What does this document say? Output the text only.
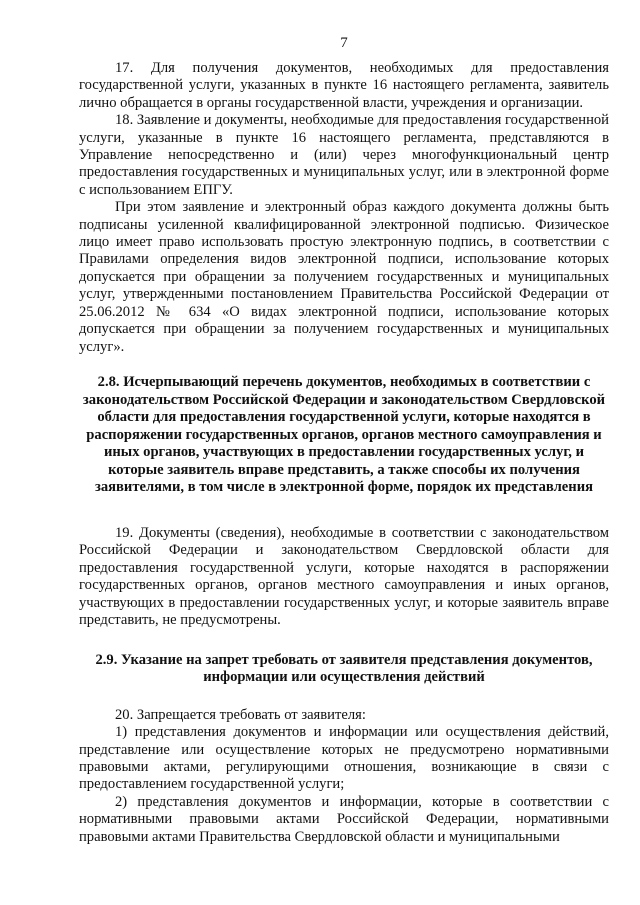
7

17. Для получения документов, необходимых для предоставления государственной услуги, указанных в пункте 16 настоящего регламента, заявитель лично обращается в органы государственной власти, учреждения и организации.

18. Заявление и документы, необходимые для предоставления государственной услуги, указанные в пункте 16 настоящего регламента, представляются в Управление непосредственно и (или) через многофункциональный центр предоставления государственных и муниципальных услуг, или в электронной форме с использованием ЕПГУ.

При этом заявление и электронный образ каждого документа должны быть подписаны усиленной квалифицированной электронной подписью. Физическое лицо имеет право использовать простую электронную подпись, в соответствии с Правилами определения видов электронной подписи, использование которых допускается при обращении за получением государственных и муниципальных услуг, утвержденными постановлением Правительства Российской Федерации от 25.06.2012 № 634 «О видах электронной подписи, использование которых допускается при обращении за получением государственных и муниципальных услуг».

2.8. Исчерпывающий перечень документов, необходимых в соответствии с законодательством Российской Федерации и законодательством Свердловской области для предоставления государственной услуги, которые находятся в распоряжении государственных органов, органов местного самоуправления и иных органов, участвующих в предоставлении государственных услуг, и которые заявитель вправе представить, а также способы их получения заявителями, в том числе в электронной форме, порядок их представления

19. Документы (сведения), необходимые в соответствии с законодательством Российской Федерации и законодательством Свердловской области для предоставления государственной услуги, которые находятся в распоряжении государственных органов, органов местного самоуправления и иных органов, участвующих в предоставлении государственных услуг, и которые заявитель вправе представить, не предусмотрены.

2.9. Указание на запрет требовать от заявителя представления документов, информации или осуществления действий

20. Запрещается требовать от заявителя:

1) представления документов и информации или осуществления действий, представление или осуществление которых не предусмотрено нормативными правовыми актами, регулирующими отношения, возникающие в связи с предоставлением государственной услуги;

2) представления документов и информации, которые в соответствии с нормативными правовыми актами Российской Федерации, нормативными правовыми актами Правительства Свердловской области и муниципальными
